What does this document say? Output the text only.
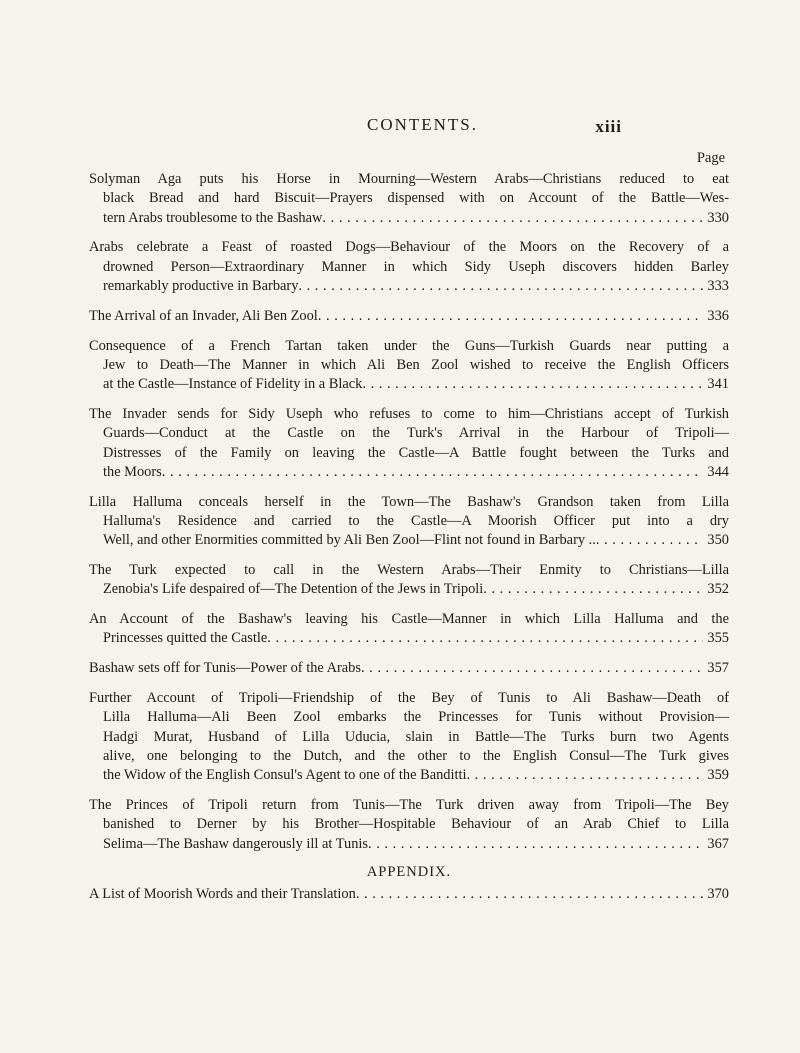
CONTENTS.	xiii
Page

Solyman Aga puts his Horse in Mourning—Western Arabs—Christians reduced to eat

black Bread and hard Biscuit—Prayers dispensed with on Account of the Battle—Wes-

tern Arabs troublesome to the Bashaw . . .	330

Arabs celebrate a Feast of roasted Dogs—Behaviour of the Moors on the Recovery of a

drowned Person—Extraordinary Manner in which Sidy Useph discovers hidden Barley

remarkably productive in Barbary . . .	333
The Arrival of an Invader, Ali Ben Zool . . .	336

Consequence of a French Tartan taken under the Guns—Turkish Guards near putting a

Jew to Death—The Manner in which Ali Ben Zool wished to receive the English Officers

at the Castle—Instance of Fidelity in a Black . . .	341

The Invader sends for Sidy Useph who refuses to come to him—Christians accept of Turkish

Guards—Conduct at the Castle on the Turk's Arrival in the Harbour of Tripoli—

Distresses of the Family on leaving the Castle—A Battle fought between the Turks and

the Moors . . .	344

Lilla Halluma conceals herself in the Town—The Bashaw's Grandson taken from Lilla

Halluma's Residence and carried to the Castle—A Moorish Officer put into a dry

Well, and other Enormities committed by Ali Ben Zool—Flint not found in Barbary .. . . .	350

The Turk expected to call in the Western Arabs—Their Enmity to Christians—Lilla

Zenobia's Life despaired of—The Detention of the Jews in Tripoli . . .	352

An Account of the Bashaw's leaving his Castle—Manner in which Lilla Halluma and the

Princesses quitted the Castle . . .	355
Bashaw sets off for Tunis—Power of the Arabs . . .	357

Further Account of Tripoli—Friendship of the Bey of Tunis to Ali Bashaw—Death of

Lilla Halluma—Ali Been Zool embarks the Princesses for Tunis without Provision—

Hadgi Murat, Husband of Lilla Uducia, slain in Battle—The Turks burn two Agents

alive, one belonging to the Dutch, and the other to the English Consul—The Turk gives

the Widow of the English Consul's Agent to one of the Banditti . . .	359

The Princes of Tripoli return from Tunis—The Turk driven away from Tripoli—The Bey

banished to Derner by his Brother—Hospitable Behaviour of an Arab Chief to Lilla

Selima—The Bashaw dangerously ill at Tunis . . .	367
APPENDIX.
A List of Moorish Words and their Translation . . .	370
